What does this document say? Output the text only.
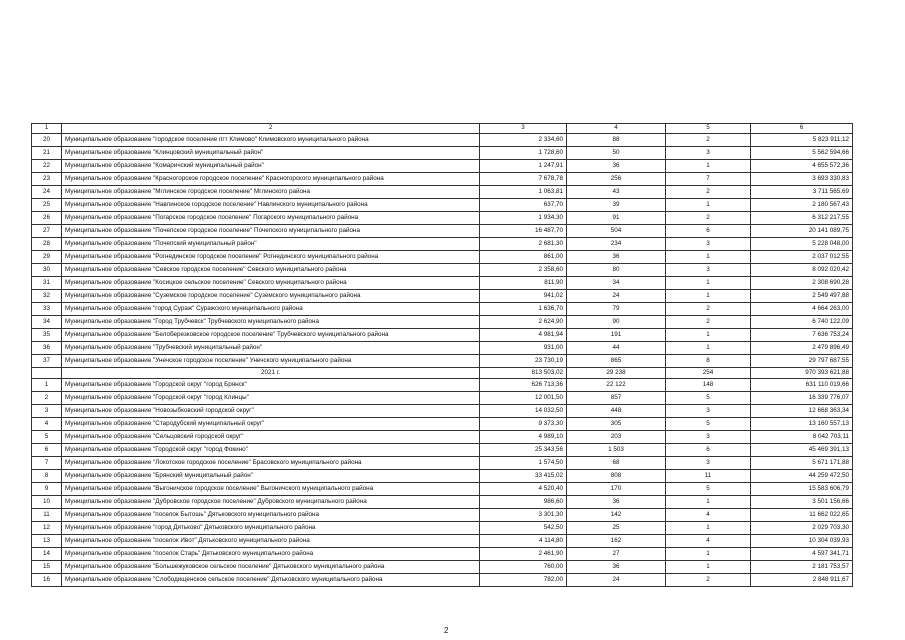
1	2	3	4	5	6
20	Муниципальное образование "городское поселение пгт Климово" Климовского муниципального района	2 334,60	88	2	5 823 911,12
21	Муниципальное образование "Клинцовский муниципальный район"	1 728,60	50	3	5 562 594,66
22	Муниципальное образование "Комаричский муниципальный район"	1 247,91	36	1	4 655 572,36
23	Муниципальное образование "Красногорское городское поселение" Красногорского муниципального района	7 678,78	256	7	3 693 330,83
24	Муниципальное образование "Мглинское городское поселение" Мглинского района	1 063,81	43	2	3 711 565,69
25	Муниципальное образование "Навлинское городское поселение" Навлинского муниципального района	637,70	39	1	2 180 567,43
26	Муниципальное образование "Погарское городское поселение" Погарского муниципального района	1 934,30	91	2	6 312 217,55
27	Муниципальное образование "Почепское городское поселение" Почепского муниципального района	16 487,70	504	6	20 141 089,75
28	Муниципальное образование "Почепский муниципальный район"	2 681,30	234	3	5 228 048,00
29	Муниципальное образование "Рогнединское городское поселение" Рогнединского муниципального района	861,00	36	1	2 037 012,55
30	Муниципальное образование "Севское городское поселение" Севского муниципального района	2 358,60	80	3	8 092 020,42
31	Муниципальное образование "Косицкое сельское поселение" Севского муниципального района	811,90	34	1	2 308 690,28
32	Муниципальное образование "Суземское городское поселение" Суземского муниципального района	941,02	24	1	2 549 497,88
33	Муниципальное образование "город Сураж" Суражского муниципального района	1 636,70	79	2	4 664 263,00
34	Муниципальное образование "Город Трубчевск" Трубчевского муниципального района	2 624,90	90	2	6 740 122,09
35	Муниципальное образование "Белоберезковское городское поселение" Трубчевского муниципального района	4 981,94	191	1	7 636 753,24
36	Муниципальное образование "Трубчевский муниципальный район"	931,00	44	1	2 479 896,49
37	Муниципальное образование "Унечское городское поселение" Унечского муниципального района	23 730,19	865	8	29 797 687,55
	2021 г.	813 503,02	29 238	254	970 393 621,88
1	Муниципальное образование "Городской округ "город Брянск"	626 713,36	22 122	148	631 110 019,66
2	Муниципальное образование "Городской округ "город Клинцы"	12 001,50	857	5	16 339 776,07
3	Муниципальное образование "Новозыбковский городской округ"	14 032,50	448	3	12 668 363,34
4	Муниципальное образование "Стародубский муниципальный округ"	9 373,30	305	5	13 160 557,13
5	Муниципальное образование "Сельцовский городской округ"	4 989,10	203	3	8 042 703,11
6	Муниципальное образование "Городской округ "город Фокино"	25 343,56	1 503	6	45 469 391,13
7	Муниципальное образование "Локотское городское поселение" Брасовского муниципального района	1 574,50	68	3	5 671 171,88
8	Муниципальное образование "Брянский муниципальный район"	33 415,02	808	11	44 259 472,50
9	Муниципальное образование "Выгоничское городское поселение" Выгоничского муниципального района	4 520,40	170	5	15 583 606,79
10	Муниципальное образование "Дубровское городское поселение" Дубровского муниципального района	986,60	36	1	3 501 156,66
11	Муниципальное образование "поселок Бытошь" Дятьковского муниципального района	3 301,30	142	4	11 662 022,65
12	Муниципальное образование "город Дятьково" Дятьковского муниципального района	542,50	25	1	2 029 703,30
13	Муниципальное образование "поселок Ивот" Дятьковского муниципального района	4 114,80	162	4	10 304 039,93
14	Муниципальное образование "поселок Старь" Дятьковского муниципального района	2 461,90	27	1	4 597 341,71
15	Муниципальное образование "Большежуковское сельское поселение" Дятьковского муниципального района	760,00	36	1	2 181 753,57
16	Муниципальное образование "Слободищенское сельское поселение" Дятьковского муниципального района	782,00	24	2	2 848 911,67
2
